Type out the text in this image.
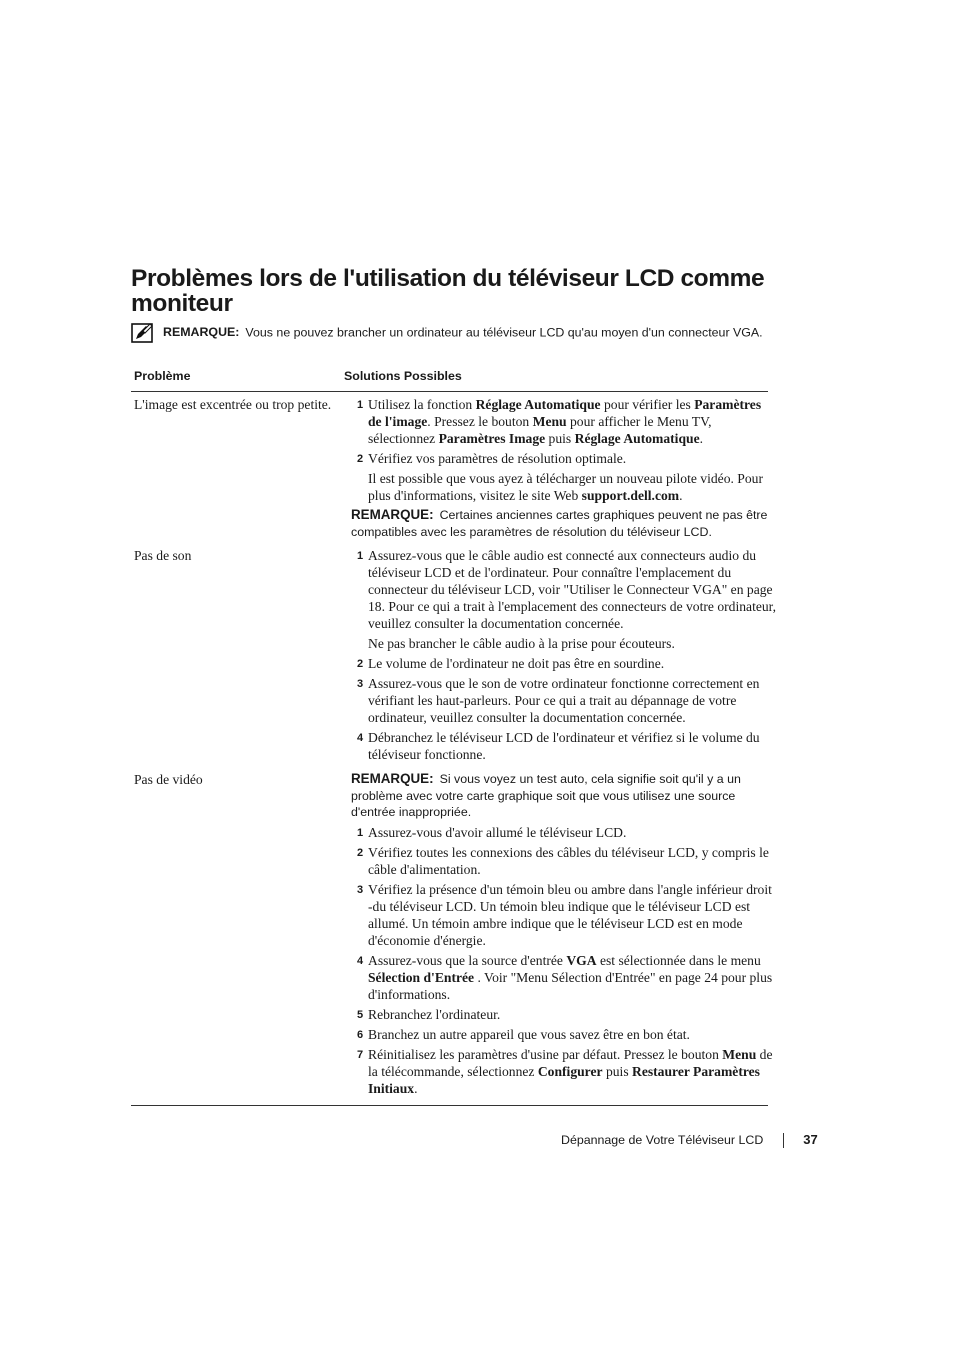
Problèmes lors de l'utilisation du téléviseur LCD comme moniteur
REMARQUE: Vous ne pouvez brancher un ordinateur au téléviseur LCD qu'au moyen d'un connecteur VGA.
Problème	Solutions Possibles
L'image est excentrée ou trop petite.	1 Utilisez la fonction Réglage Automatique pour vérifier les Paramètres de l'image. Pressez le bouton Menu pour afficher le Menu TV, sélectionnez Paramètres Image puis Réglage Automatique.
2 Vérifiez vos paramètres de résolution optimale.
Il est possible que vous ayez à télécharger un nouveau pilote vidéo. Pour plus d'informations, visitez le site Web support.dell.com.
REMARQUE: Certaines anciennes cartes graphiques peuvent ne pas être compatibles avec les paramètres de résolution du téléviseur LCD.
Pas de son	1 Assurez-vous que le câble audio est connecté aux connecteurs audio du téléviseur LCD et de l'ordinateur. Pour connaître l'emplacement du connecteur du téléviseur LCD, voir "Utiliser le Connecteur VGA" en page 18. Pour ce qui a trait à l'emplacement des connecteurs de votre ordinateur, veuillez consulter la documentation concernée.
Ne pas brancher le câble audio à la prise pour écouteurs.
2 Le volume de l'ordinateur ne doit pas être en sourdine.
3 Assurez-vous que le son de votre ordinateur fonctionne correctement en vérifiant les haut-parleurs. Pour ce qui a trait au dépannage de votre ordinateur, veuillez consulter la documentation concernée.
4 Débranchez le téléviseur LCD de l'ordinateur et vérifiez si le volume du téléviseur fonctionne.
Pas de vidéo	REMARQUE: Si vous voyez un test auto, cela signifie soit qu'il y a un problème avec votre carte graphique soit que vous utilisez une source d'entrée inappropriée.
1 Assurez-vous d'avoir allumé le téléviseur LCD.
2 Vérifiez toutes les connexions des câbles du téléviseur LCD, y compris le câble d'alimentation.
3 Vérifiez la présence d'un témoin bleu ou ambre dans l'angle inférieur droit -du téléviseur LCD. Un témoin bleu indique que le téléviseur LCD est allumé. Un témoin ambre indique que le téléviseur LCD est en mode d'économie d'énergie.
4 Assurez-vous que la source d'entrée VGA est sélectionnée dans le menu Sélection d'Entrée . Voir "Menu Sélection d'Entrée" en page 24 pour plus d'informations.
5 Rebranchez l'ordinateur.
6 Branchez un autre appareil que vous savez être en bon état.
7 Réinitialisez les paramètres d'usine par défaut. Pressez le bouton Menu de la télécommande, sélectionnez Configurer puis Restaurer Paramètres Initiaux.
Dépannage de Votre Téléviseur LCD	37
